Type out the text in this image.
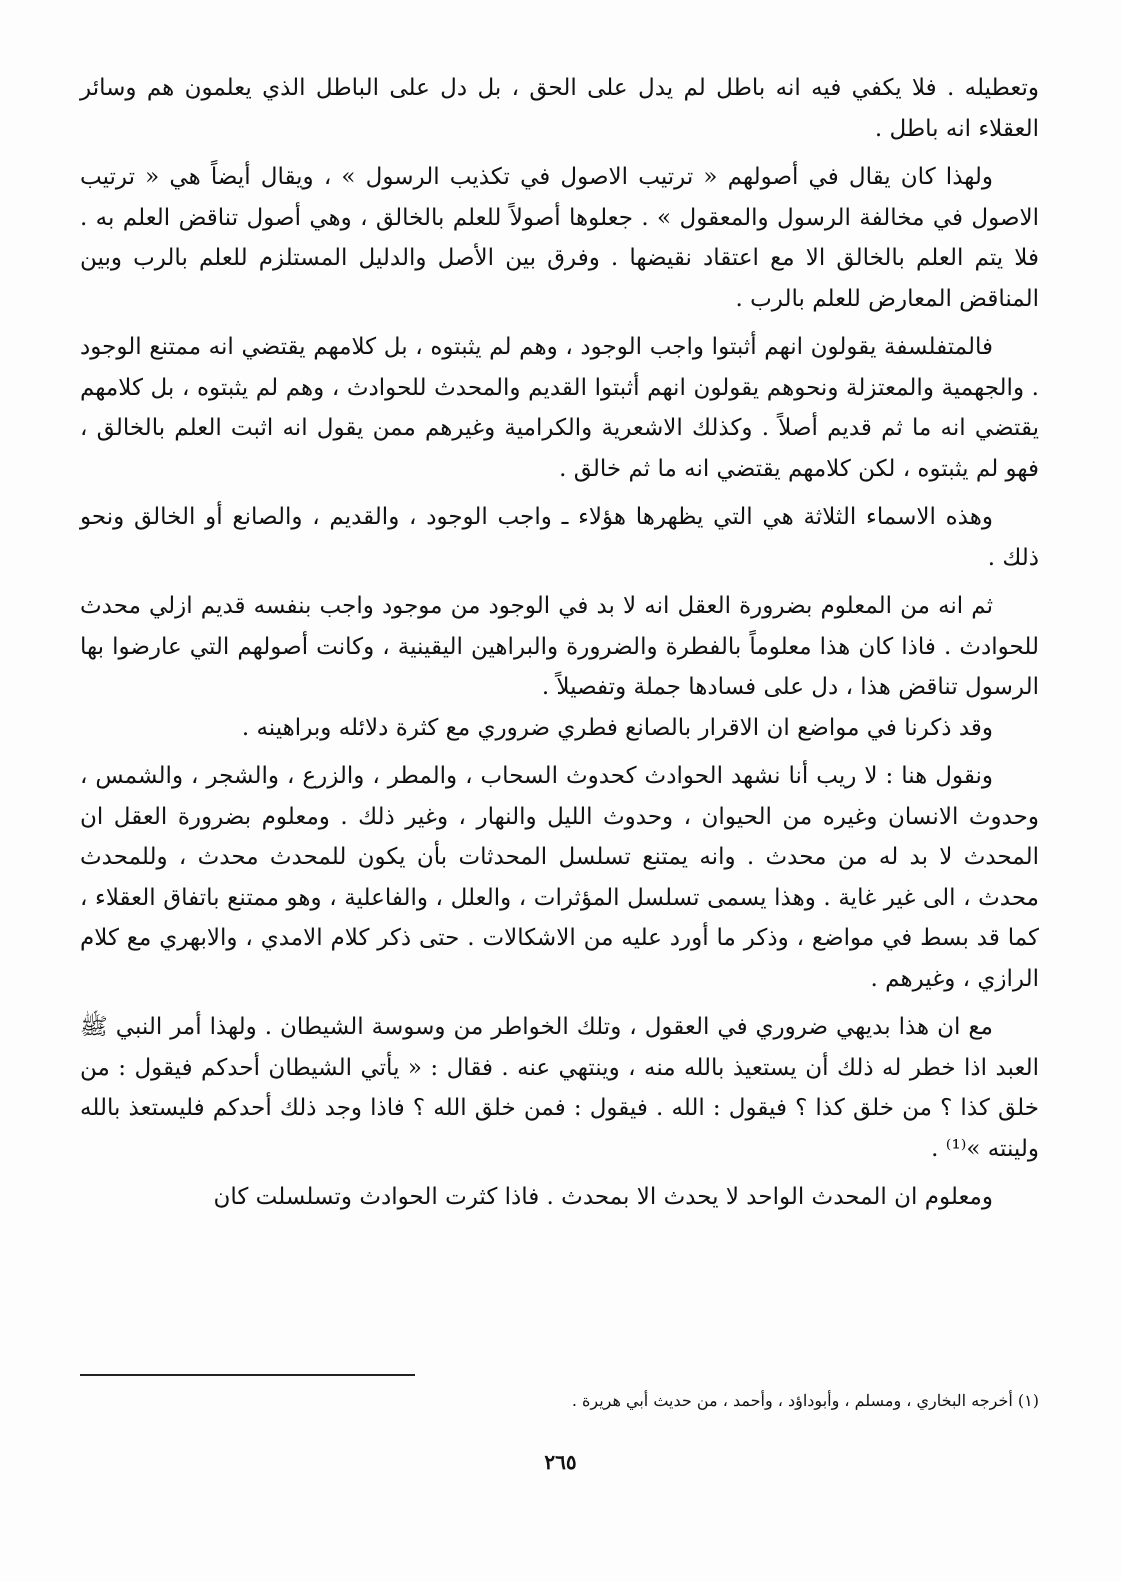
وتعطيله . فلا يكفي فيه انه باطل لم يدل على الحق ، بل دل على الباطل الذي يعلمون هم وسائر العقلاء انه باطل .

ولهذا كان يقال في أصولهم « ترتيب الاصول في تكذيب الرسول » ، ويقال أيضاً هي « ترتيب الاصول في مخالفة الرسول والمعقول » . جعلوها أصولاً للعلم بالخالق ، وهي أصول تناقض العلم به . فلا يتم العلم بالخالق الا مع اعتقاد نقيضها . وفرق بين الأصل والدليل المستلزم للعلم بالرب وبين المناقض المعارض للعلم بالرب .

فالمتفلسفة يقولون انهم أثبتوا واجب الوجود ، وهم لم يثبتوه ، بل كلامهم يقتضي انه ممتنع الوجود . والجهمية والمعتزلة ونحوهم يقولون انهم أثبتوا القديم والمحدث للحوادث ، وهم لم يثبتوه ، بل كلامهم يقتضي انه ما ثم قديم أصلاً . وكذلك الاشعرية والكرامية وغيرهم ممن يقول انه اثبت العلم بالخالق ، فهو لم يثبتوه ، لكن كلامهم يقتضي انه ما ثم خالق .

وهذه الاسماء الثلاثة هي التي يظهرها هؤلاء ـ واجب الوجود ، والقديم ، والصانع أو الخالق ونحو ذلك .

ثم انه من المعلوم بضرورة العقل انه لا بد في الوجود من موجود واجب بنفسه قديم ازلي محدث للحوادث . فاذا كان هذا معلوماً بالفطرة والضرورة والبراهين اليقينية ، وكانت أصولهم التي عارضوا بها الرسول تناقض هذا ، دل على فسادها جملة وتفصيلاً .

وقد ذكرنا في مواضع ان الاقرار بالصانع فطري ضروري مع كثرة دلائله وبراهينه .

ونقول هنا : لا ريب أنا نشهد الحوادث كحدوث السحاب ، والمطر ، والزرع ، والشجر ، والشمس ، وحدوث الانسان وغيره من الحيوان ، وحدوث الليل والنهار ، وغير ذلك . ومعلوم بضرورة العقل ان المحدث لا بد له من محدث . وانه يمتنع تسلسل المحدثات بأن يكون للمحدث محدث ، وللمحدث محدث ، الى غير غاية . وهذا يسمى تسلسل المؤثرات ، والعلل ، والفاعلية ، وهو ممتنع باتفاق العقلاء ، كما قد بسط في مواضع ، وذكر ما أورد عليه من الاشكالات . حتى ذكر كلام الامدي ، والابهري مع كلام الرازي ، وغيرهم .

مع ان هذا بديهي ضروري في العقول ، وتلك الخواطر من وسوسة الشيطان . ولهذا أمر النبي ﷺ العبد اذا خطر له ذلك أن يستعيذ بالله منه ، وينتهي عنه . فقال : « يأتي الشيطان أحدكم فيقول : من خلق كذا ؟ من خلق كذا ؟ فيقول : الله . فيقول : فمن خلق الله ؟ فاذا وجد ذلك أحدكم فليستعذ بالله ولينته »⁽¹⁾ .

ومعلوم ان المحدث الواحد لا يحدث الا بمحدث . فاذا كثرت الحوادث وتسلسلت كان

(١) أخرجه البخاري ، ومسلم ، وأبوداؤد ، وأحمد ، من حديث أبي هريرة .
٢٦٥
